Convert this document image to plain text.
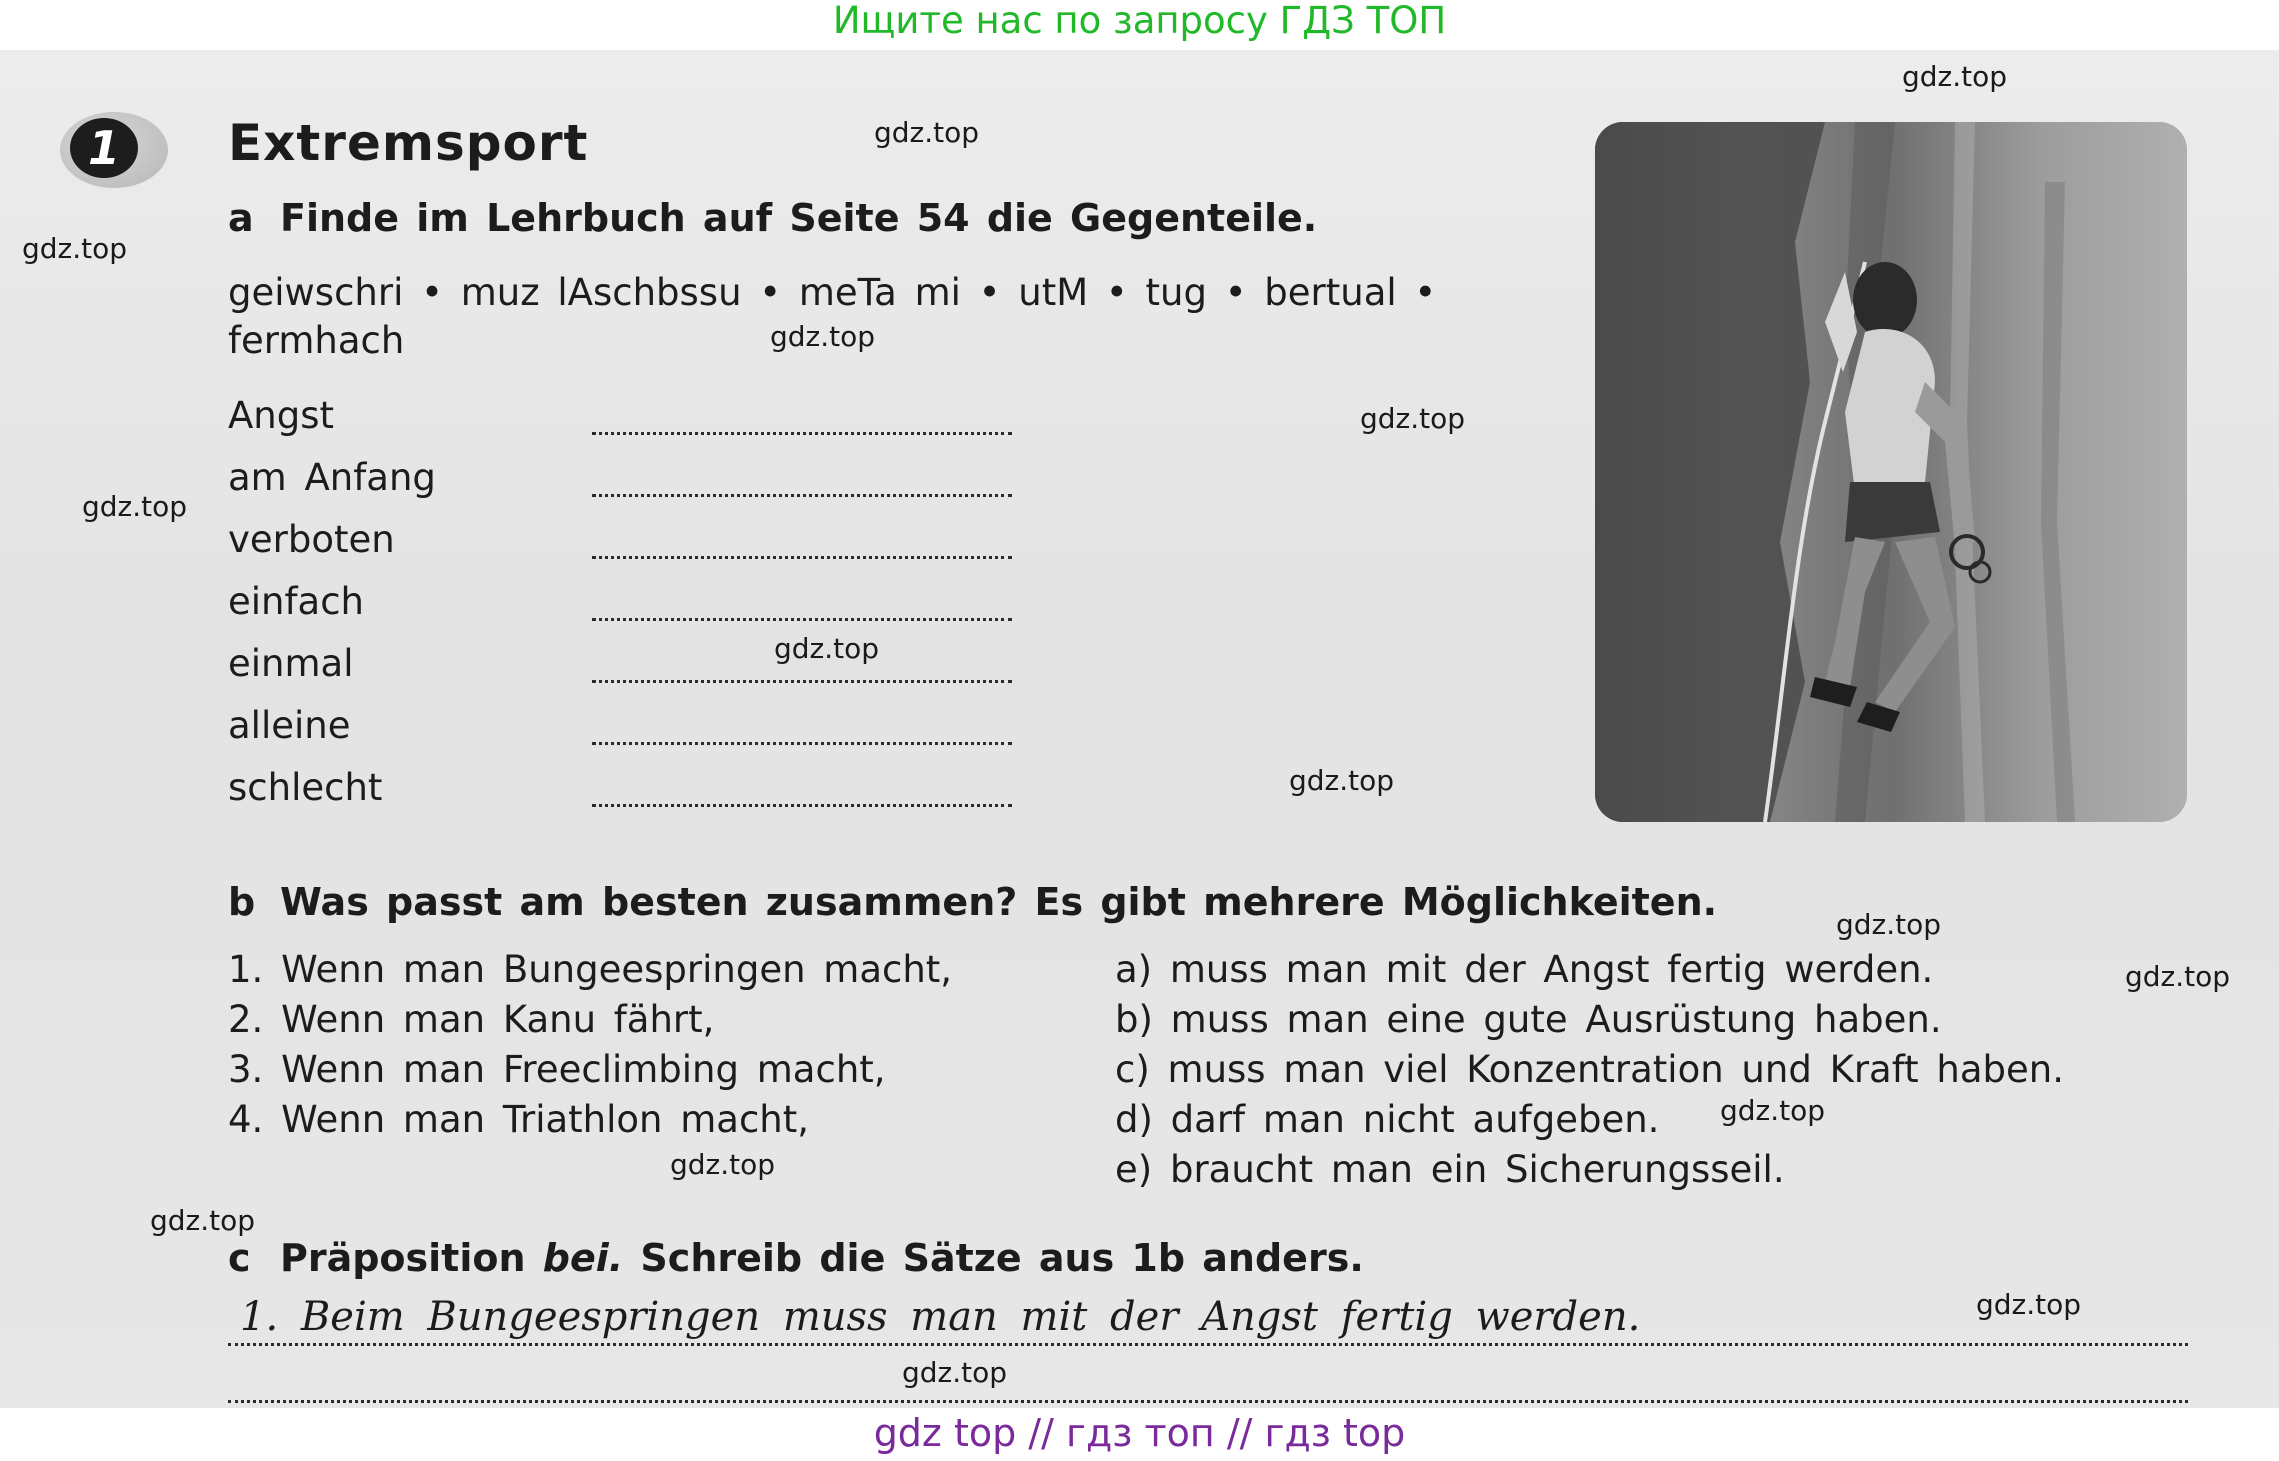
Ищите нас по запросу ГДЗ ТОП

1	Extremsport
a Finde im Lehrbuch auf Seite 54 die Gegenteile.
geiwschri • muz lAschbssu • meTa mi • utM • tug • bertual •
fermhach
Angst
am Anfang
verboten
einfach
einmal
alleine
schlecht
b Was passt am besten zusammen? Es gibt mehrere Möglichkeiten.
1. Wenn man Bungeespringen macht,
2. Wenn man Kanu fährt,
3. Wenn man Freeclimbing macht,
4. Wenn man Triathlon macht,
a) muss man mit der Angst fertig werden.
b) muss man eine gute Ausrüstung haben.
c) muss man viel Konzentration und Kraft haben.
d) darf man nicht aufgeben.
e) braucht man ein Sicherungsseil.
c Präposition bei. Schreib die Sätze aus 1b anders.
1. Beim Bungeespringen muss man mit der Angst fertig werden.
gdz.top
gdz.top
gdz.top
gdz.top
gdz.top
gdz.top
gdz.top
gdz.top
gdz.top
gdz.top
gdz.top
gdz.top
gdz.top
gdz.top
gdz.top
gdz top // гдз топ // гдз top
